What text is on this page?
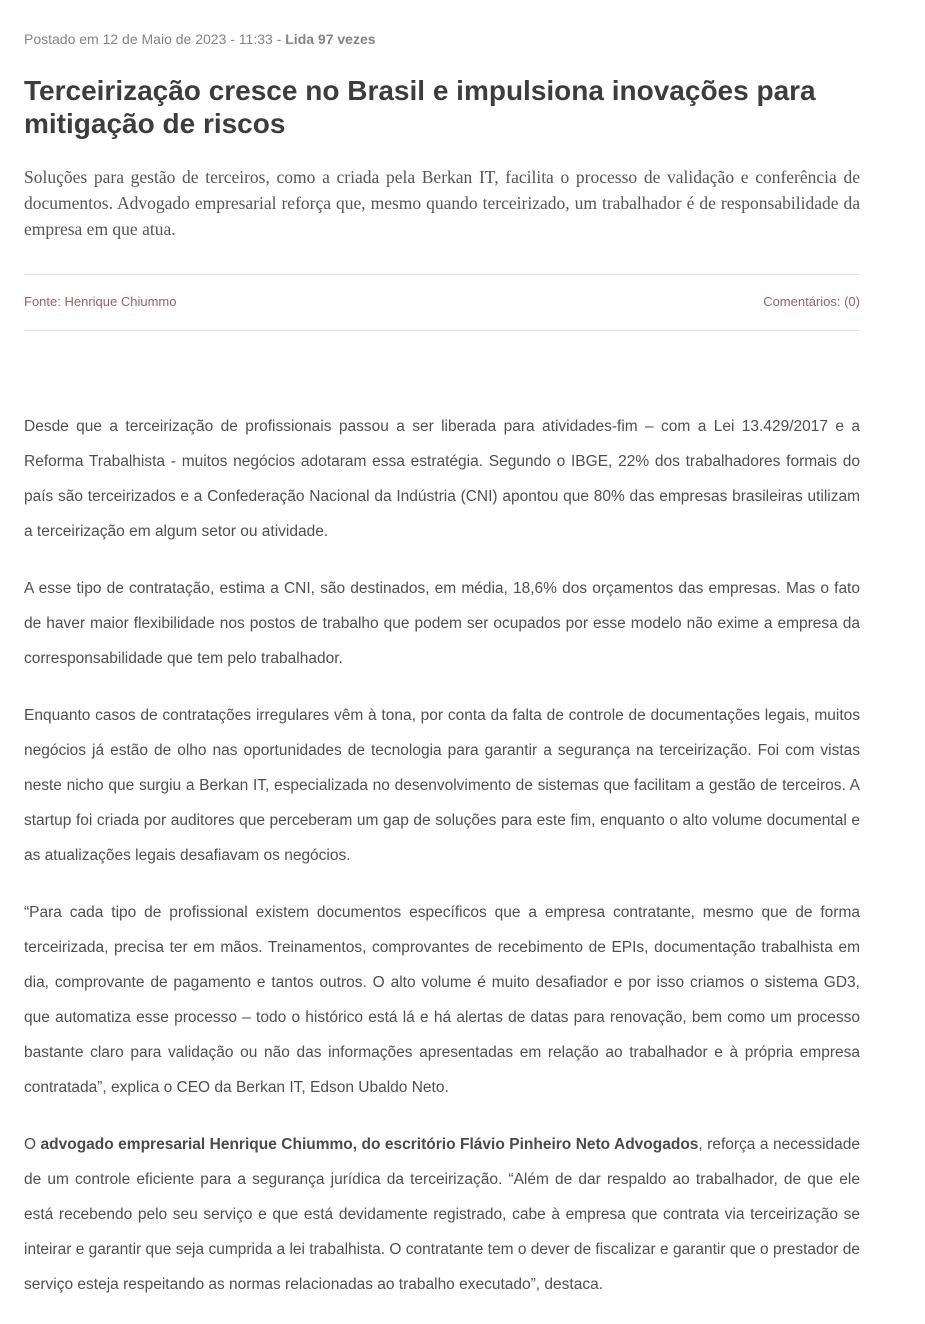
Postado em 12 de Maio de 2023 - 11:33 - Lida 97 vezes
Terceirização cresce no Brasil e impulsiona inovações para mitigação de riscos

Soluções para gestão de terceiros, como a criada pela Berkan IT, facilita o processo de validação e conferência de documentos. Advogado empresarial reforça que, mesmo quando terceirizado, um trabalhador é de responsabilidade da empresa em que atua.

Fonte: Henrique Chiummo	Comentários: (0)

Desde que a terceirização de profissionais passou a ser liberada para atividades-fim – com a Lei 13.429/2017 e a Reforma Trabalhista - muitos negócios adotaram essa estratégia. Segundo o IBGE, 22% dos trabalhadores formais do país são terceirizados e a Confederação Nacional da Indústria (CNI) apontou que 80% das empresas brasileiras utilizam a terceirização em algum setor ou atividade.

A esse tipo de contratação, estima a CNI, são destinados, em média, 18,6% dos orçamentos das empresas. Mas o fato de haver maior flexibilidade nos postos de trabalho que podem ser ocupados por esse modelo não exime a empresa da corresponsabilidade que tem pelo trabalhador.

Enquanto casos de contratações irregulares vêm à tona, por conta da falta de controle de documentações legais, muitos negócios já estão de olho nas oportunidades de tecnologia para garantir a segurança na terceirização. Foi com vistas neste nicho que surgiu a Berkan IT, especializada no desenvolvimento de sistemas que facilitam a gestão de terceiros. A startup foi criada por auditores que perceberam um gap de soluções para este fim, enquanto o alto volume documental e as atualizações legais desafiavam os negócios.

“Para cada tipo de profissional existem documentos específicos que a empresa contratante, mesmo que de forma terceirizada, precisa ter em mãos. Treinamentos, comprovantes de recebimento de EPIs, documentação trabalhista em dia, comprovante de pagamento e tantos outros. O alto volume é muito desafiador e por isso criamos o sistema GD3, que automatiza esse processo – todo o histórico está lá e há alertas de datas para renovação, bem como um processo bastante claro para validação ou não das informações apresentadas em relação ao trabalhador e à própria empresa contratada”, explica o CEO da Berkan IT, Edson Ubaldo Neto.

O advogado empresarial Henrique Chiummo, do escritório Flávio Pinheiro Neto Advogados, reforça a necessidade de um controle eficiente para a segurança jurídica da terceirização. “Além de dar respaldo ao trabalhador, de que ele está recebendo pelo seu serviço e que está devidamente registrado, cabe à empresa que contrata via terceirização se inteirar e garantir que seja cumprida a lei trabalhista. O contratante tem o dever de fiscalizar e garantir que o prestador de serviço esteja respeitando as normas relacionadas ao trabalho executado”, destaca.
